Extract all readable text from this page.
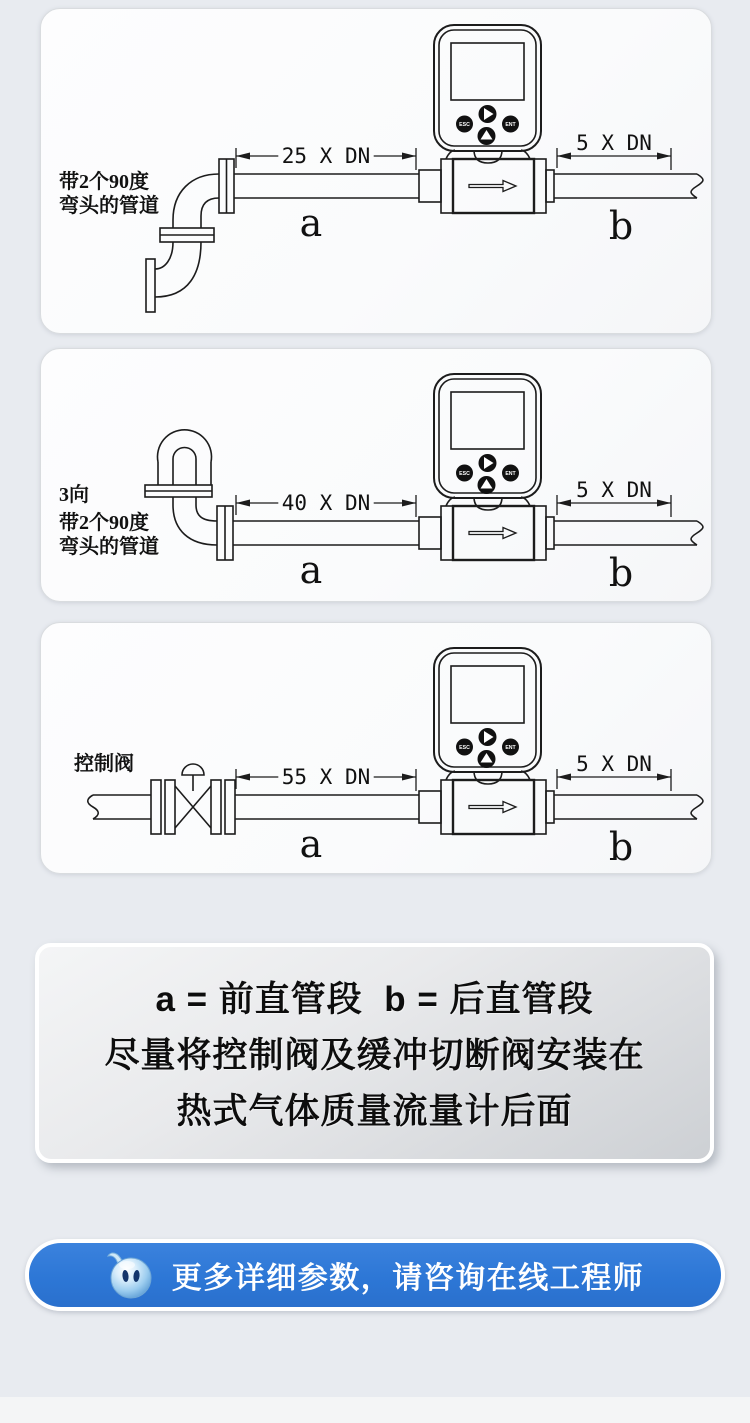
ESC	ENT
25 X DN
5 X DN
带2个90度
弯头的管道	a	b
ESC	ENT
40 X DN
5 X DN
3向
带2个90度
弯头的管道
a	b
ESC	ENT
55 X DN
5 X DN
控制阀
a	b

a = 前直管段  b = 后直管段

尽量将控制阀及缓冲切断阀安装在

热式气体质量流量计后面

更多详细参数，请咨询在线工程师
